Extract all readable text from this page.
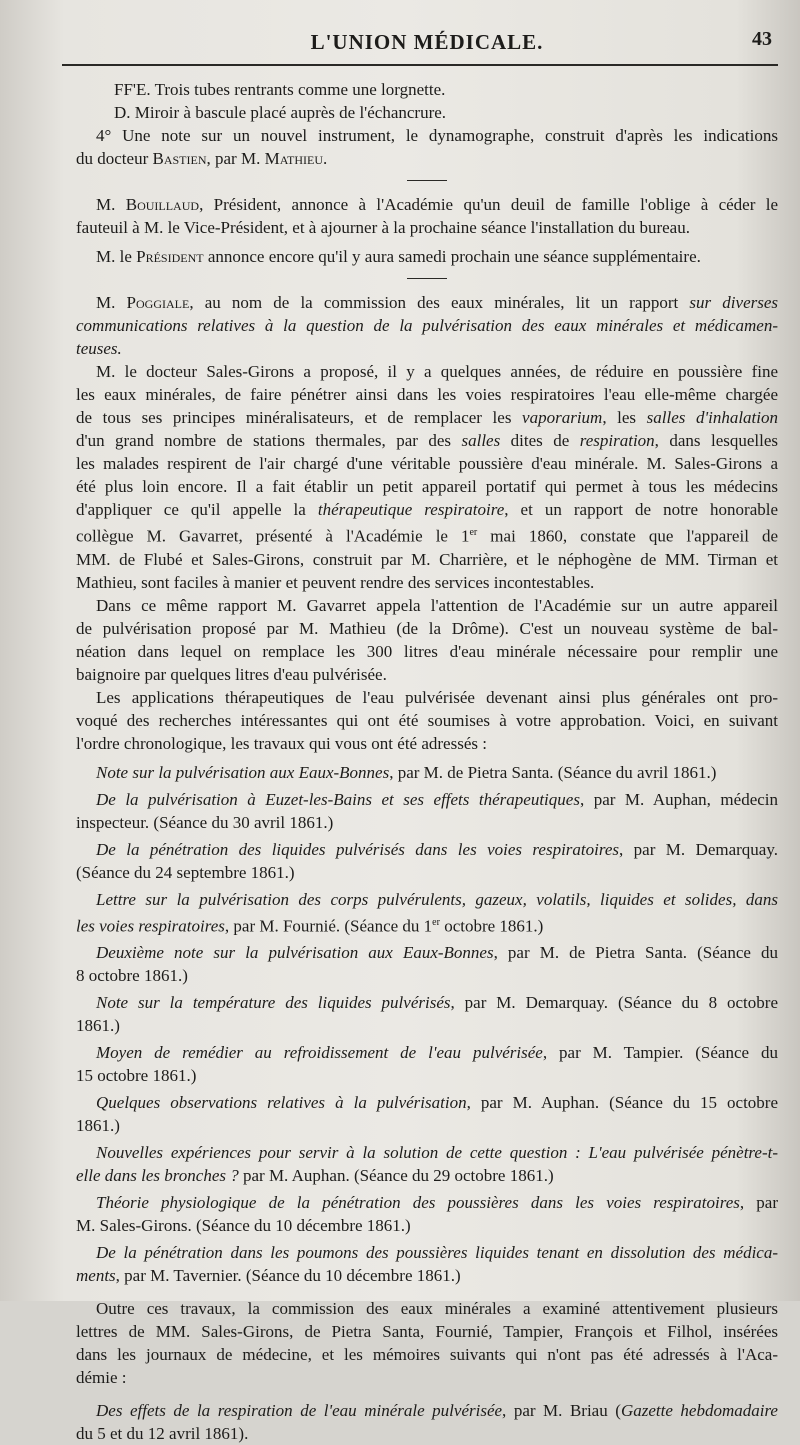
L'UNION MÉDICALE.	43
FF'E. Trois tubes rentrants comme une lorgnette.
D. Miroir à bascule placé auprès de l'échancrure.
4° Une note sur un nouvel instrument, le dynamographe, construit d'après les indications
du docteur Bastien, par M. Mathieu.
M. Bouillaud, Président, annonce à l'Académie qu'un deuil de famille l'oblige à céder le
fauteuil à M. le Vice-Président, et à ajourner à la prochaine séance l'installation du bureau.
M. le Président annonce encore qu'il y aura samedi prochain une séance supplémentaire.
M. Poggiale, au nom de la commission des eaux minérales, lit un rapport sur diverses
communications relatives à la question de la pulvérisation des eaux minérales et médicamen-
teuses.
M. le docteur Sales-Girons a proposé, il y a quelques années, de réduire en poussière fine
les eaux minérales, de faire pénétrer ainsi dans les voies respiratoires l'eau elle-même chargée
de tous ses principes minéralisateurs, et de remplacer les vaporarium, les salles d'inhalation
d'un grand nombre de stations thermales, par des salles dites de respiration, dans lesquelles
les malades respirent de l'air chargé d'une véritable poussière d'eau minérale. M. Sales-Girons a
été plus loin encore. Il a fait établir un petit appareil portatif qui permet à tous les médecins
d'appliquer ce qu'il appelle la thérapeutique respiratoire, et un rapport de notre honorable
collègue M. Gavarret, présenté à l'Académie le 1er mai 1860, constate que l'appareil de
MM. de Flubé et Sales-Girons, construit par M. Charrière, et le néphogène de MM. Tirman et
Mathieu, sont faciles à manier et peuvent rendre des services incontestables.
Dans ce même rapport M. Gavarret appela l'attention de l'Académie sur un autre appareil
de pulvérisation proposé par M. Mathieu (de la Drôme). C'est un nouveau système de bal-
néation dans lequel on remplace les 300 litres d'eau minérale nécessaire pour remplir une
baignoire par quelques litres d'eau pulvérisée.
Les applications thérapeutiques de l'eau pulvérisée devenant ainsi plus générales ont pro-
voqué des recherches intéressantes qui ont été soumises à votre approbation. Voici, en suivant
l'ordre chronologique, les travaux qui vous ont été adressés :
Note sur la pulvérisation aux Eaux-Bonnes, par M. de Pietra Santa. (Séance du avril 1861.)
De la pulvérisation à Euzet-les-Bains et ses effets thérapeutiques, par M. Auphan, médecin
inspecteur. (Séance du 30 avril 1861.)
De la pénétration des liquides pulvérisés dans les voies respiratoires, par M. Demarquay.
(Séance du 24 septembre 1861.)
Lettre sur la pulvérisation des corps pulvérulents, gazeux, volatils, liquides et solides, dans
les voies respiratoires, par M. Fournié. (Séance du 1er octobre 1861.)
Deuxième note sur la pulvérisation aux Eaux-Bonnes, par M. de Pietra Santa. (Séance du
8 octobre 1861.)
Note sur la température des liquides pulvérisés, par M. Demarquay. (Séance du 8 octobre
1861.)
Moyen de remédier au refroidissement de l'eau pulvérisée, par M. Tampier. (Séance du
15 octobre 1861.)
Quelques observations relatives à la pulvérisation, par M. Auphan. (Séance du 15 octobre
1861.)
Nouvelles expériences pour servir à la solution de cette question : L'eau pulvérisée pénètre-t-
elle dans les bronches ? par M. Auphan. (Séance du 29 octobre 1861.)
Théorie physiologique de la pénétration des poussières dans les voies respiratoires, par
M. Sales-Girons. (Séance du 10 décembre 1861.)
De la pénétration dans les poumons des poussières liquides tenant en dissolution des médica-
ments, par M. Tavernier. (Séance du 10 décembre 1861.)
Outre ces travaux, la commission des eaux minérales a examiné attentivement plusieurs
lettres de MM. Sales-Girons, de Pietra Santa, Fournié, Tampier, François et Filhol, insérées
dans les journaux de médecine, et les mémoires suivants qui n'ont pas été adressés à l'Aca-
démie :
Des effets de la respiration de l'eau minérale pulvérisée, par M. Briau (Gazette hebdomadaire
du 5 et du 12 avril 1861).
